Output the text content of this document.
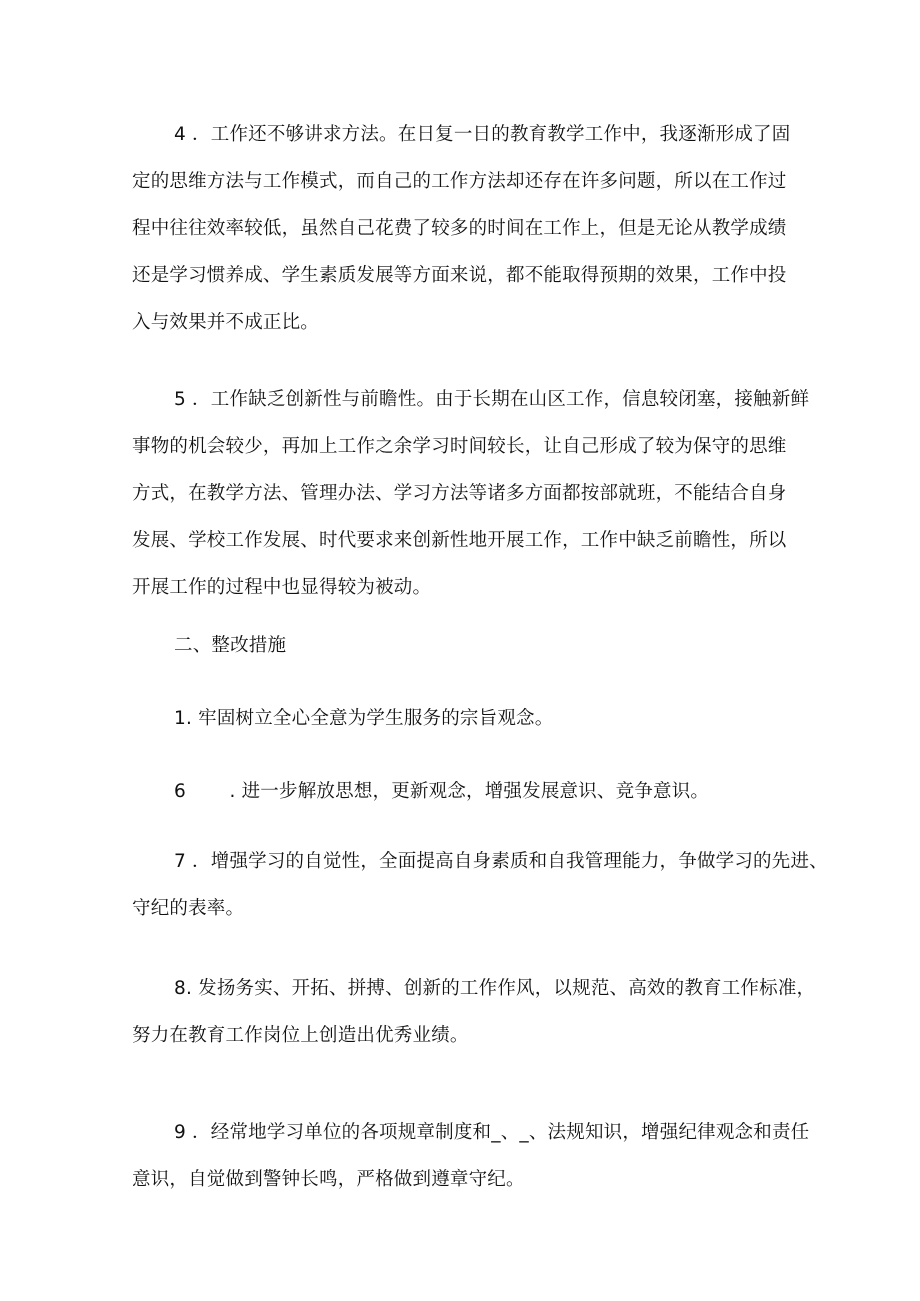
4 ．工作还不够讲求方法。在日复一日的教育教学工作中，我逐渐形成了固
定的思维方法与工作模式，而自己的工作方法却还存在许多问题，所以在工作过
程中往往效率较低，虽然自己花费了较多的时间在工作上，但是无论从教学成绩
还是学习惯养成、学生素质发展等方面来说，都不能取得预期的效果，工作中投
入与效果并不成正比。
5 ．工作缺乏创新性与前瞻性。由于长期在山区工作，信息较闭塞，接触新鲜
事物的机会较少，再加上工作之余学习时间较长，让自己形成了较为保守的思维
方式，在教学方法、管理办法、学习方法等诸多方面都按部就班，不能结合自身
发展、学校工作发展、时代要求来创新性地开展工作，工作中缺乏前瞻性，所以
开展工作的过程中也显得较为被动。
二、整改措施
1. 牢固树立全心全意为学生服务的宗旨观念。
6 　　. 进一步解放思想，更新观念，增强发展意识、竞争意识。
7 ．增强学习的自觉性，全面提高自身素质和自我管理能力，争做学习的先进、
守纪的表率。
8. 发扬务实、开拓、拼搏、创新的工作作风，以规范、高效的教育工作标准，
努力在教育工作岗位上创造出优秀业绩。
9 ．经常地学习单位的各项规章制度和_、_、法规知识，增强纪律观念和责任
意识，自觉做到警钟长鸣，严格做到遵章守纪。
